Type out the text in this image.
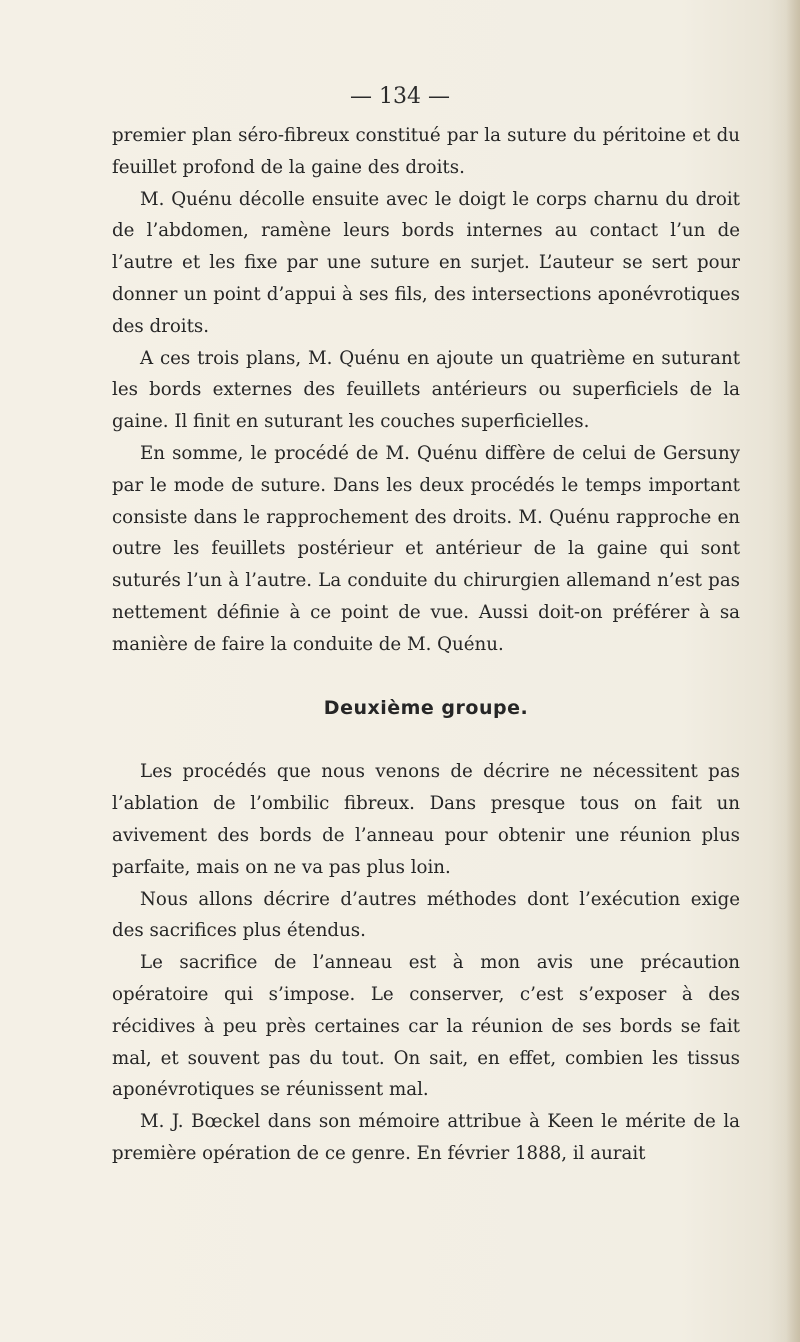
— 134 —

premier plan séro-fibreux constitué par la suture du péritoine et du feuillet profond de la gaine des droits.

M. Quénu décolle ensuite avec le doigt le corps charnu du droit de l’abdomen, ramène leurs bords internes au contact l’un de l’autre et les fixe par une suture en surjet. L’auteur se sert pour donner un point d’appui à ses fils, des intersections aponévrotiques des droits.

A ces trois plans, M. Quénu en ajoute un quatrième en suturant les bords externes des feuillets antérieurs ou superficiels de la gaine. Il finit en suturant les couches superficielles.

En somme, le procédé de M. Quénu diffère de celui de Gersuny par le mode de suture. Dans les deux procédés le temps important consiste dans le rapprochement des droits. M. Quénu rapproche en outre les feuillets postérieur et antérieur de la gaine qui sont suturés l’un à l’autre. La conduite du chirurgien allemand n’est pas nettement définie à ce point de vue. Aussi doit-on préférer à sa manière de faire la conduite de M. Quénu.

Deuxième groupe.

Les procédés que nous venons de décrire ne nécessitent pas l’ablation de l’ombilic fibreux. Dans presque tous on fait un avivement des bords de l’anneau pour obtenir une réunion plus parfaite, mais on ne va pas plus loin.

Nous allons décrire d’autres méthodes dont l’exécution exige des sacrifices plus étendus.

Le sacrifice de l’anneau est à mon avis une précaution opératoire qui s’impose. Le conserver, c’est s’exposer à des récidives à peu près certaines car la réunion de ses bords se fait mal, et souvent pas du tout. On sait, en effet, combien les tissus aponévrotiques se réunissent mal.

M. J. Bœckel dans son mémoire attribue à Keen le mérite de la première opération de ce genre. En février 1888, il aurait
